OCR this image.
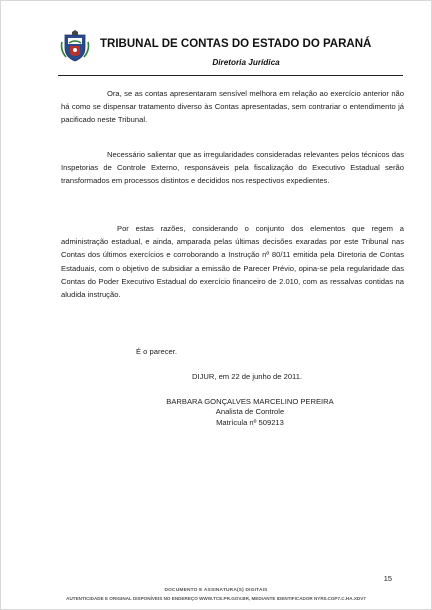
TRIBUNAL DE CONTAS DO ESTADO DO PARANÁ
Diretoria Jurídica

Ora, se as contas apresentaram sensível melhora em relação ao exercício anterior não há como se dispensar tratamento diverso às Contas apresentadas, sem contrariar o entendimento já pacificado neste Tribunal.

Necessário salientar que as irregularidades consideradas relevantes pelos técnicos das Inspetorias de Controle Externo, responsáveis pela fiscalização do Executivo Estadual serão transformados em processos distintos e decididos nos respectivos expedientes.

Por estas razões, considerando o conjunto dos elementos que regem a administração estadual, e ainda, amparada pelas últimas decisões exaradas por este Tribunal nas Contas dos últimos exercícios e corroborando a Instrução nº 80/11 emitida pela Diretoria de Contas Estaduais, com o objetivo de subsidiar a emissão de Parecer Prévio, opina-se pela regularidade das Contas do Poder Executivo Estadual do exercício financeiro de 2.010, com as ressalvas contidas na aludida instrução.

É o parecer.
DIJUR, em 22 de junho de 2011.
BARBARA GONÇALVES MARCELINO PEREIRA
Analista de Controle
Matrícula nº 509213
15
DOCUMENTO E ASSINATURA(S) DIGITAIS
AUTENTICIDADE E ORIGINAL DISPONÍVEIS NO ENDEREÇO WWW.TCE.PR.GOV.BR, MEDIANTE IDENTIFICADOR NYR0.CGP7.C.HA.XDV7
